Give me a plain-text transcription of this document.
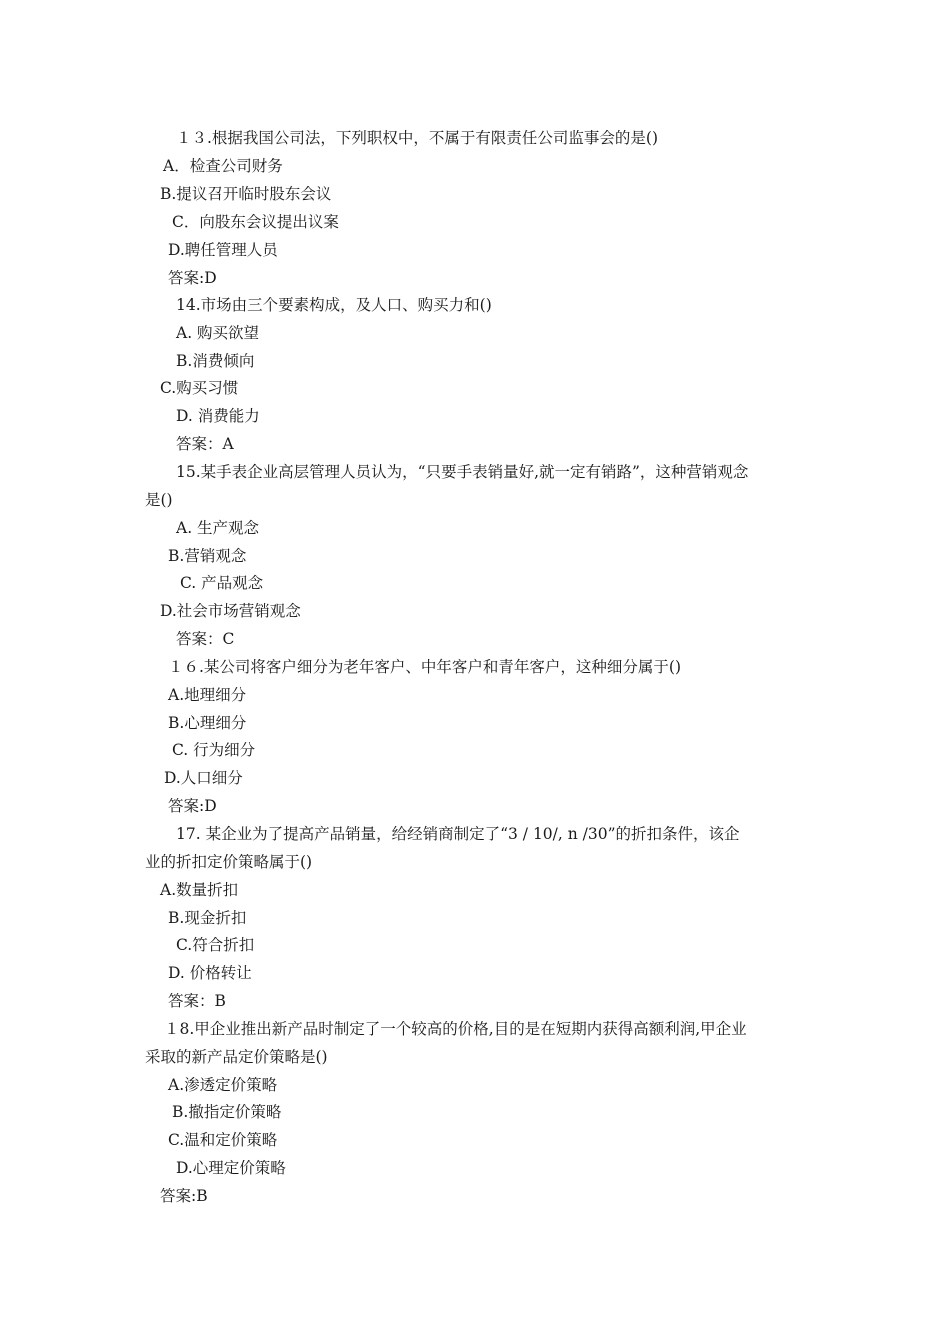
１３.根据我国公司法，下列职权中，不属于有限责任公司监事会的是()
A．检查公司财务
B.提议召开临时股东会议
C．向股东会议提出议案
D.聘任管理人员
答案:D
14.市场由三个要素构成，及人口、购买力和()
A. 购买欲望
B.消费倾向
C.购买习惯
D. 消费能力
答案：A
15.某手表企业高层管理人员认为，“只要手表销量好,就一定有销路”，这种营销观念
是()
A. 生产观念
B.营销观念
C. 产品观念
D.社会市场营销观念
答案：C
１６.某公司将客户细分为老年客户、中年客户和青年客户，这种细分属于()
A.地理细分
B.心理细分
C. 行为细分
D.人口细分
答案:D
17. 某企业为了提高产品销量，给经销商制定了“3 / 10/, n /30”的折扣条件，该企
业的折扣定价策略属于()
A.数量折扣
B.现金折扣
C.符合折扣
D. 价格转让
答案：B
１8.甲企业推出新产品时制定了一个较高的价格,目的是在短期内获得高额利润,甲企业
采取的新产品定价策略是()
A.渗透定价策略
B.撤指定价策略
C.温和定价策略
D.心理定价策略
答案:B
